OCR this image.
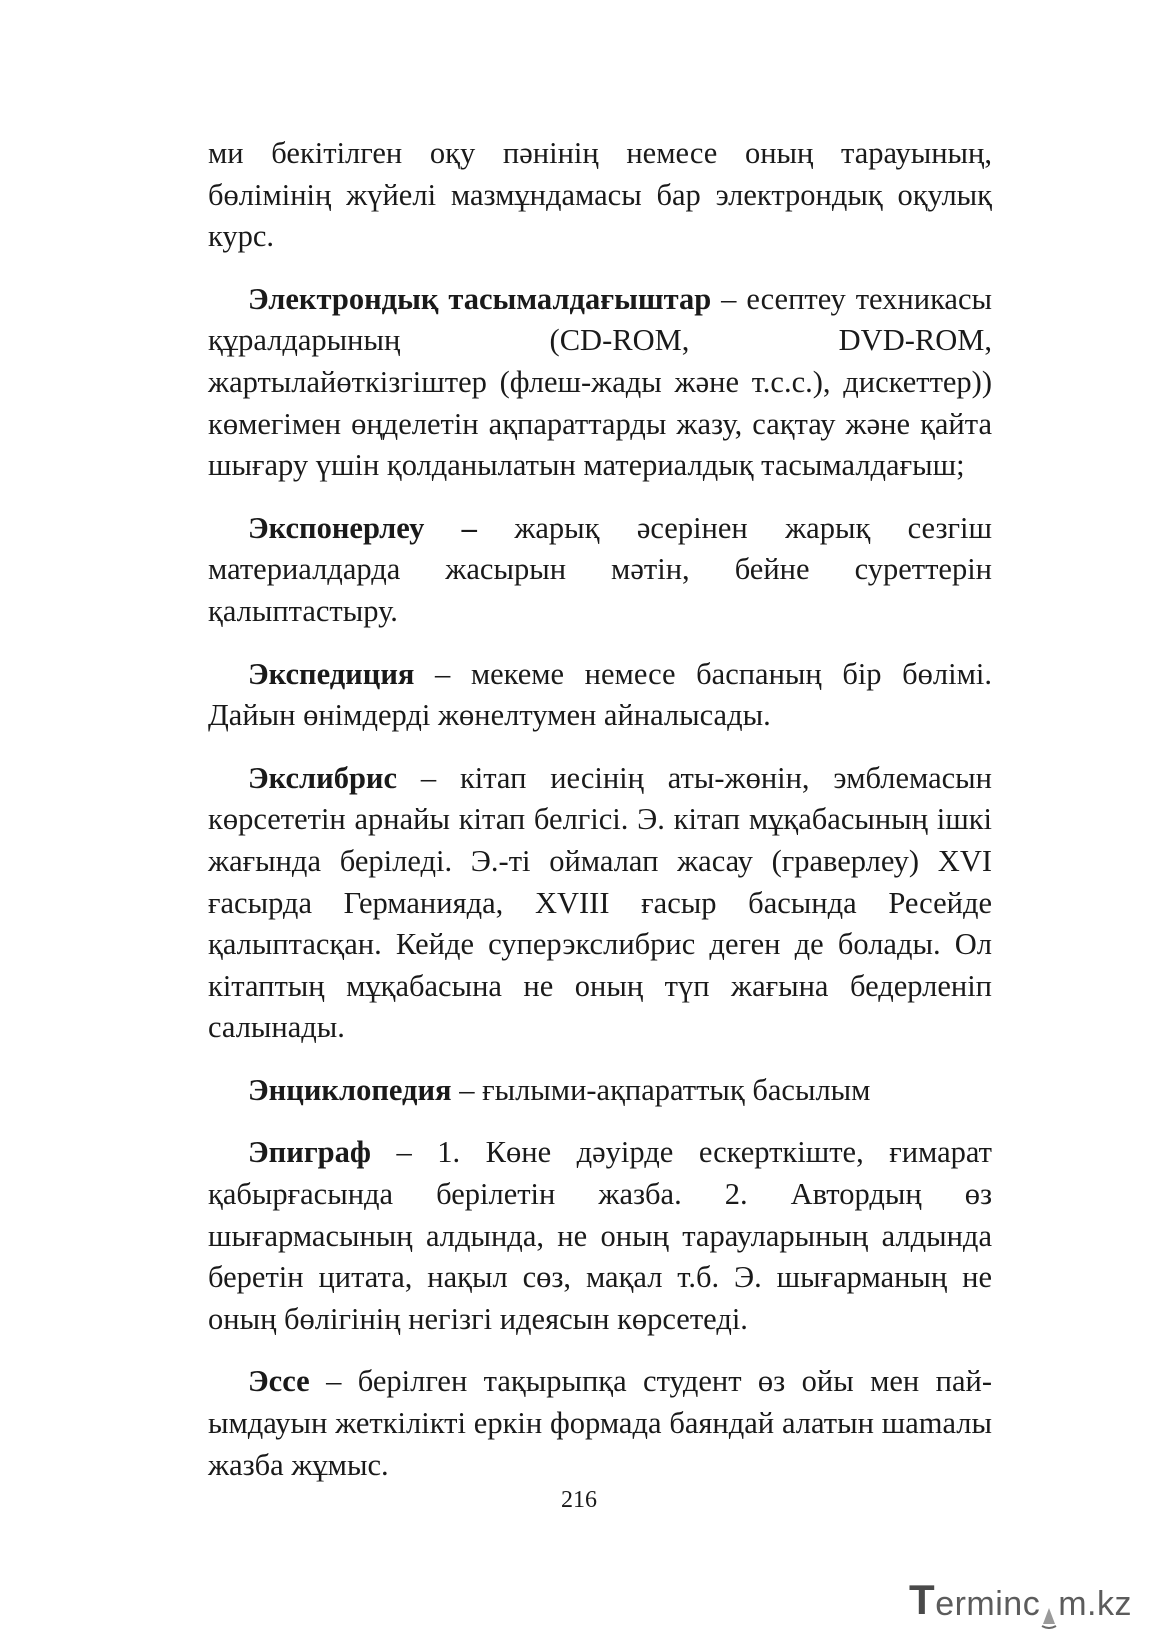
ми бекітілген оқу пәнінің немесе оның тарауының, бөлімінің жүйелі мазмұндамасы бар электрондық оқулық курс.

Электрондық тасымалдағыштар – есептеу техникасы құралдарының (CD-ROM, DVD-ROM, жартылайөткізгіштер (флеш-жады және т.с.с.), дискеттер)) көмегімен өңделетін ақпараттарды жазу, сақтау және қайта шығару үшін қолданылатын материалдық тасымалдағыш;

Экспонерлеу – жарық әсерінен жарық сезгіш материалдарда жасырын мәтін, бейне суреттерін қалыптастыру.

Экспедиция – мекеме немесе баспаның бір бөлімі. Дайын өнімдерді жөнелтумен айналысады.

Экслибрис – кітап иесінің аты-жөнін, эмблемасын көрсететін арнайы кітап белгісі. Э. кітап мұқабасының ішкі жағында беріледі. Э.-ті оймалап жасау (граверлеу) XVI ғасырда Германияда, XVIII ғасыр басында Ресейде қалыптасқан. Кейде суперэкслибрис деген де болады. Ол кітаптың мұқабасына не оның түп жағына бедерленіп салынады.

Энциклопедия – ғылыми-ақпараттық басылым

Эпиграф – 1. Көне дәуірде ескерткіште, ғимарат қабырғасында берілетін жазба. 2. Автордың өз шығармасының алдында, не оның тарауларының алдында беретін цитата, нақыл сөз, мақал т.б. Э. шығарманың не оның бөлігінің негізгі идеясын көрсетеді.

Эссе – берілген тақырыпқа студент өз ойы мен пайымдауын жеткілікті еркін формада баяндай алатын шаmалы жазба жұмыс.

216
T erminc m.kz
